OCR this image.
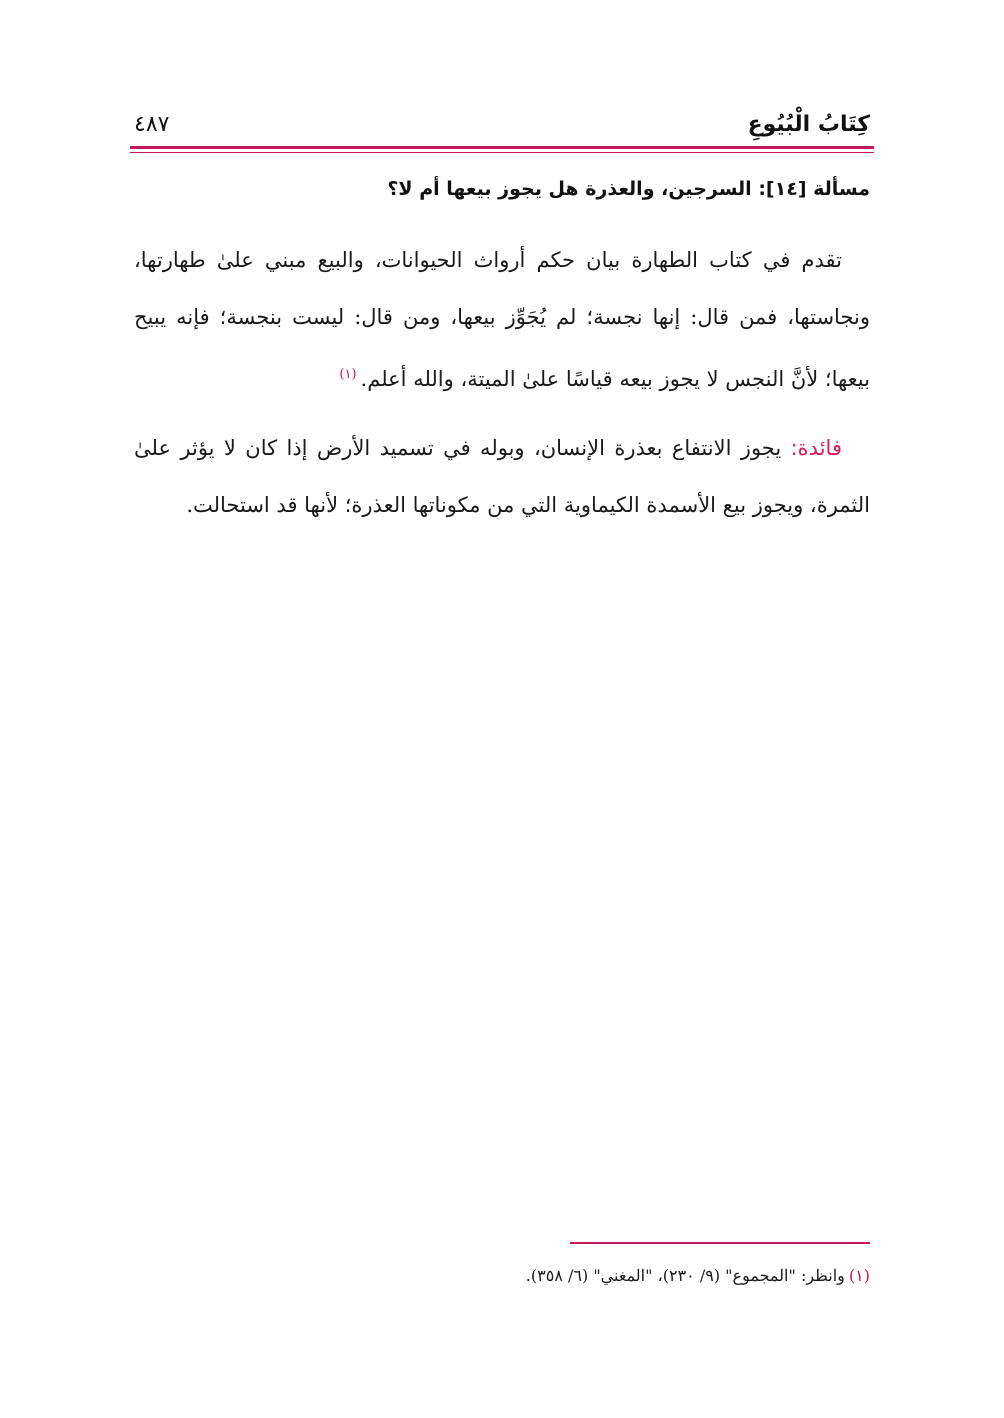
كِتَابُ الْبُيُوعِ
٤٨٧
مسألة [١٤]: السرجين، والعذرة هل يجوز بيعها أم لا؟
تقدم في كتاب الطهارة بيان حكم أرواث الحيوانات، والبيع مبني علىٰ طهارتها، ونجاستها، فمن قال: إنها نجسة؛ لم يُجَوِّز بيعها، ومن قال: ليست بنجسة؛ فإنه يبيح بيعها؛ لأنَّ النجس لا يجوز بيعه قياسًا علىٰ الميتة، والله أعلم.$^{(١)}$
فائدة: يجوز الانتفاع بعذرة الإنسان، وبوله في تسميد الأرض إذا كان لا يؤثر علىٰ الثمرة، ويجوز بيع الأسمدة الكيماوية التي من مكوناتها العذرة؛ لأنها قد استحالت.
(١)وانظر: "المجموع" (٩/ ٢٣٠)، "المغني" (٦/ ٣٥٨).
